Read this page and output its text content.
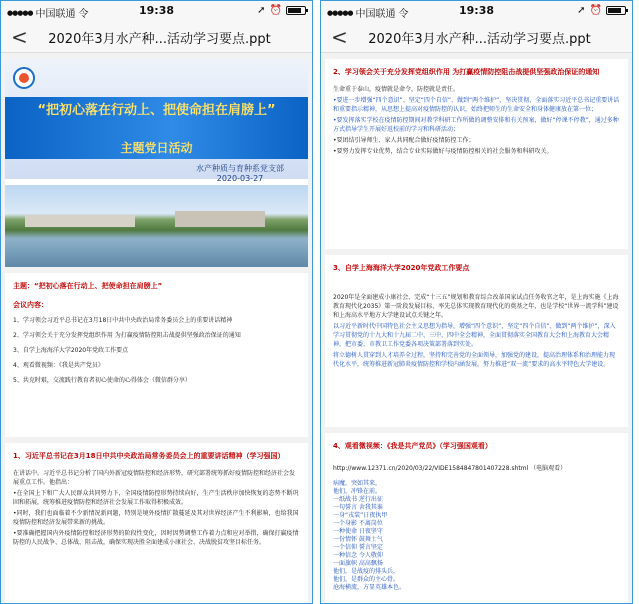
●●●●● 中国联通 令	19:38	➚ ⏰
<	2020年3月水产种...活动学习要点.ppt
“把初心落在行动上、把使命担在肩膀上”
主题党日活动
水产种质与育种系党支部
2020-03-27
主题：“把初心落在行动上、把使命担在肩膀上”
会议内容：
1、学习领会习近平总书记在3月18日中共中央政治局常务委员会上的重要讲话精神
2、学习领会关于充分发挥党组织作用 为打赢疫情防控阻击战提供坚强政治保证的通知
3、自学上海海洋大学2020年党政工作要点
4、观看微视频：《我是共产党员》
5、共克时艰，交流践行教育者初心使命的心得体会（微信群分享）
1、习近平总书记在3月18日中共中央政治局常务委员会上的重要讲话精神（学习强国）

在讲话中，习近平总书记分析了国内外新冠疫情防控和经济形势，研究部署统筹抓好疫情防控和经济社会发展重点工作。他指出：

•在全国上下和广大人民群众共同努力下，全国疫情防控形势持续向好，生产生活秩序加快恢复的态势不断巩固和拓展，统筹推进疫情防控和经济社会发展工作取得积极成效。

•同时，我们也面临着不少新情况新问题，特别是境外疫情扩散蔓延及其对世界经济产生不利影响，也给我国疫情防控和经济发展带来新的挑战。

•要准确把握国内外疫情防控和经济形势的阶段性变化，因时因势调整工作着力点和应对举措，确保打赢疫情防控的人民战争、总体战、阻击战，确保实现决胜全面建成小康社会、决战脱贫攻坚目标任务。

●●●●● 中国联通 令	19:38	➚ ⏰
<	2020年3月水产种...活动学习要点.ppt
2、学习领会关于充分发挥党组织作用 为打赢疫情防控阻击战提供坚强政治保证的通知

生命重于泰山，疫情就是命令，防控就是责任。

•要进一步增强“四个意识”、坚定“四个自信”、做到“两个维护”，坚决贯彻、全面落实习近平总书记重要讲话和重要指示精神，从思想上提高对疫情防控的认识，始终把师生的生命安全和身体健康放在第一位；

•要发挥落实学校在疫情防控期间对教学科研工作所做的调整安排和有关预案，做好“停课不停教”，通过多种方式指导学生开展好返校前的学习和科研活动；

•要团结引导师生、家人共同配合做好疫情防控工作；

•要努力发挥专业优势，结合专业实际做好与疫情防控相关的社会服务和科研攻关。

3、自学上海海洋大学2020年党政工作要点

2020年是全面建成小康社会、完成“十三五”规划和教育综合改革国家试点任务收官之年，是上海实施《上海教育现代化2035》第一阶段发展目标、率先总体实现教育现代化的奠基之年，也是学校“世界一流学科”建设和上海高水平地方大学建设试点关键之年。

以习近平新时代中国特色社会主义思想为指导，增强“四个意识”、坚定“四个自信”、做到“两个维护”，深入学习贯彻党的十九大和十九届二中、三中、四中全会精神，全面贯彻落实全国教育大会和上海教育大会精神，把市委、市教卫工作党委各项决策部署落到实处。

将立德树人贯穿到人才培养全过程，坚持和完善党的全面领导，加强党的建设，提高治理体系和治理能力现代化水平，统筹推进新冠肺炎疫情防控和学校内涵发展，努力推进“双一流”要求的高水平特色大学建设。

4、观看微视频：《我是共产党员》（学习强国观看）
http://www.12371.cn/2020/03/22/VIDE1584847801407228.shtml （电脑观看）
病魔，突如其来，
他们，冲锋在前。
一纸战书 逆行出征
一句誓言 舍我其谁
一身“戎装”日夜执甲
一个身影 不离岗位
一种使命 日夜坚守
一份情怀 鼓舞士气
一个信仰 誓言坚定
一种信念 令人敬仰
一面旗帜 高高飘扬
他们，是战疫的排头兵，
他们，是群众的主心骨。
沧海横流，方显英雄本色。
